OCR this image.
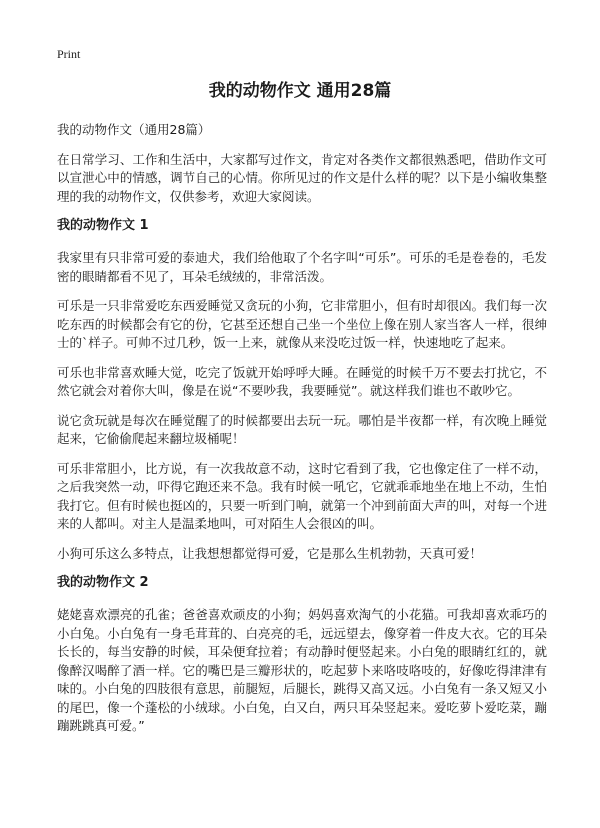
Print
我的动物作文 通用28篇

我的动物作文（通用28篇）

在日常学习、工作和生活中，大家都写过作文，肯定对各类作文都很熟悉吧，借助作文可以宣泄心中的情感，调节自己的心情。你所见过的作文是什么样的呢？以下是小编收集整理的我的动物作文，仅供参考，欢迎大家阅读。

我的动物作文 1

我家里有只非常可爱的泰迪犬，我们给他取了个名字叫“可乐”。可乐的毛是卷卷的，毛发密的眼睛都看不见了，耳朵毛绒绒的，非常活泼。

可乐是一只非常爱吃东西爱睡觉又贪玩的小狗，它非常胆小，但有时却很凶。我们每一次吃东西的时候都会有它的份，它甚至还想自己坐一个坐位上像在别人家当客人一样，很绅士的`样子。可帅不过几秒，饭一上来，就像从来没吃过饭一样，快速地吃了起来。

可乐也非常喜欢睡大觉，吃完了饭就开始呼呼大睡。在睡觉的时候千万不要去打扰它，不然它就会对着你大叫，像是在说“不要吵我，我要睡觉”。就这样我们谁也不敢吵它。

说它贪玩就是每次在睡觉醒了的时候都要出去玩一玩。哪怕是半夜都一样，有次晚上睡觉起来，它偷偷爬起来翻垃圾桶呢！

可乐非常胆小，比方说，有一次我故意不动，这时它看到了我，它也像定住了一样不动，之后我突然一动，吓得它跑还来不急。我有时候一吼它，它就乖乖地坐在地上不动，生怕我打它。但有时候也挺凶的，只要一听到门响，就第一个冲到前面大声的叫，对每一个进来的人都叫。对主人是温柔地叫，可对陌生人会很凶的叫。

小狗可乐这么多特点，让我想想都觉得可爱，它是那么生机勃勃，天真可爱！

我的动物作文 2

姥姥喜欢漂亮的孔雀；爸爸喜欢顽皮的小狗；妈妈喜欢淘气的小花猫。可我却喜欢乖巧的小白兔。小白兔有一身毛茸茸的、白亮亮的毛，远远望去，像穿着一件皮大衣。它的耳朵长长的，每当安静的时候，耳朵便耷拉着；有动静时便竖起来。小白兔的眼睛红红的，就像醉汉喝醉了酒一样。它的嘴巴是三瓣形状的，吃起萝卜来咯吱咯吱的，好像吃得津津有味的。小白兔的四肢很有意思，前腿短，后腿长，跳得又高又远。小白兔有一条又短又小的尾巴，像一个蓬松的小绒球。小白兔，白又白，两只耳朵竖起来。爱吃萝卜爱吃菜，蹦蹦跳跳真可爱。”
